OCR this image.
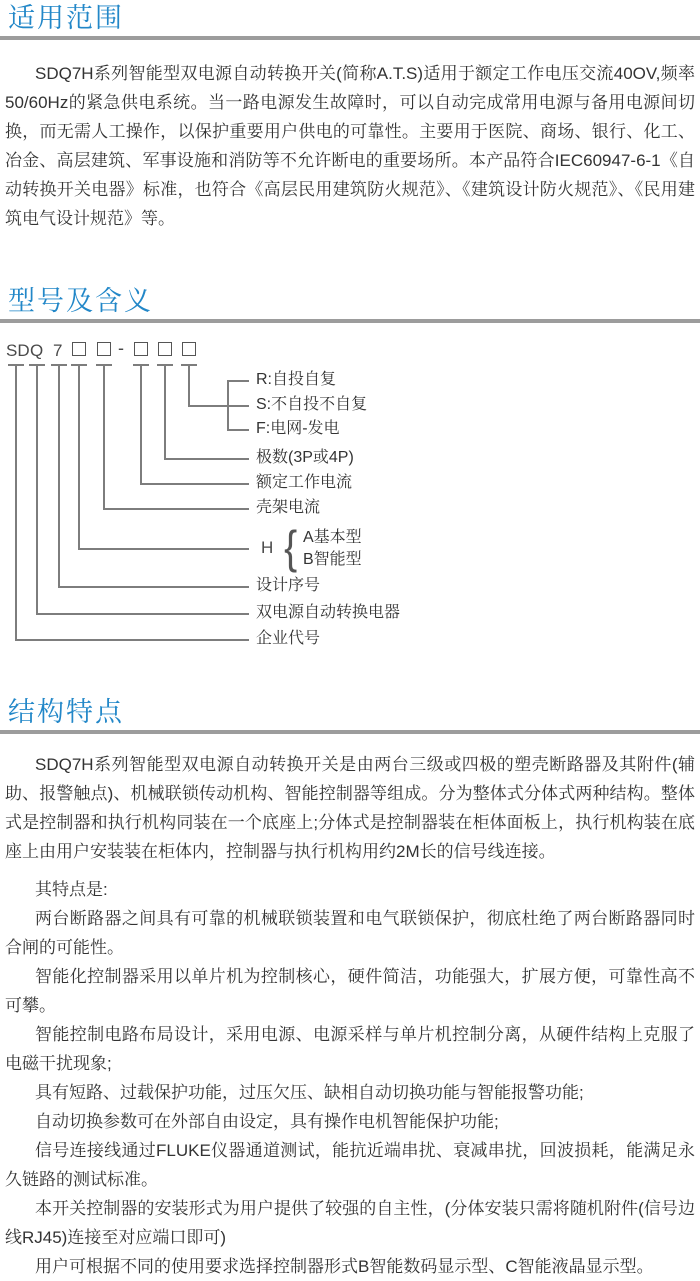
适用范围

SDQ7H系列智能型双电源自动转换开关(简称A.T.S)适用于额定工作电压交流40OV,频率50/60Hz的紧急供电系统。当一路电源发生故障时，可以自动完成常用电源与备用电源间切换，而无需人工操作，以保护重要用户供电的可靠性。主要用于医院、商场、银行、化工、冶金、高层建筑、军事设施和消防等不允许断电的重要场所。本产品符合IEC60947-6-1《自动转换开关电器》标准，也符合《高层民用建筑防火规范》、《建筑设计防火规范》、《民用建筑电气设计规范》等。

型号及含义
SD Q 7	-
R:自投自复
S:不自投不自复
F:电网-发电
极数(3P或4P)
额定工作电流
壳架电流
H { A基本型
B智能型
设计序号
双电源自动转换电器
企业代号
结构特点

SDQ7H系列智能型双电源自动转换开关是由两台三级或四极的塑壳断路器及其附件(辅助、报警触点)、机械联锁传动机构、智能控制器等组成。分为整体式分体式两种结构。整体式是控制器和执行机构同装在一个底座上;分体式是控制器装在柜体面板上，执行机构装在底座上由用户安装装在柜体内，控制器与执行机构用约2M长的信号线连接。

其特点是:

两台断路器之间具有可靠的机械联锁装置和电气联锁保护，彻底杜绝了两台断路器同时合闸的可能性。

智能化控制器采用以单片机为控制核心，硬件简洁，功能强大，扩展方便，可靠性高不可攀。

智能控制电路布局设计，采用电源、电源采样与单片机控制分离，从硬件结构上克服了电磁干扰现象;

具有短路、过载保护功能，过压欠压、缺相自动切换功能与智能报警功能;

自动切换参数可在外部自由设定，具有操作电机智能保护功能;

信号连接线通过FLUKE仪器通道测试，能抗近端串扰、衰减串扰，回波损耗，能满足永久链路的测试标准。

本开关控制器的安装形式为用户提供了较强的自主性，(分体安装只需将随机附件(信号边线RJ45)连接至对应端口即可)

用户可根据不同的使用要求选择控制器形式B智能数码显示型、C智能液晶显示型。
